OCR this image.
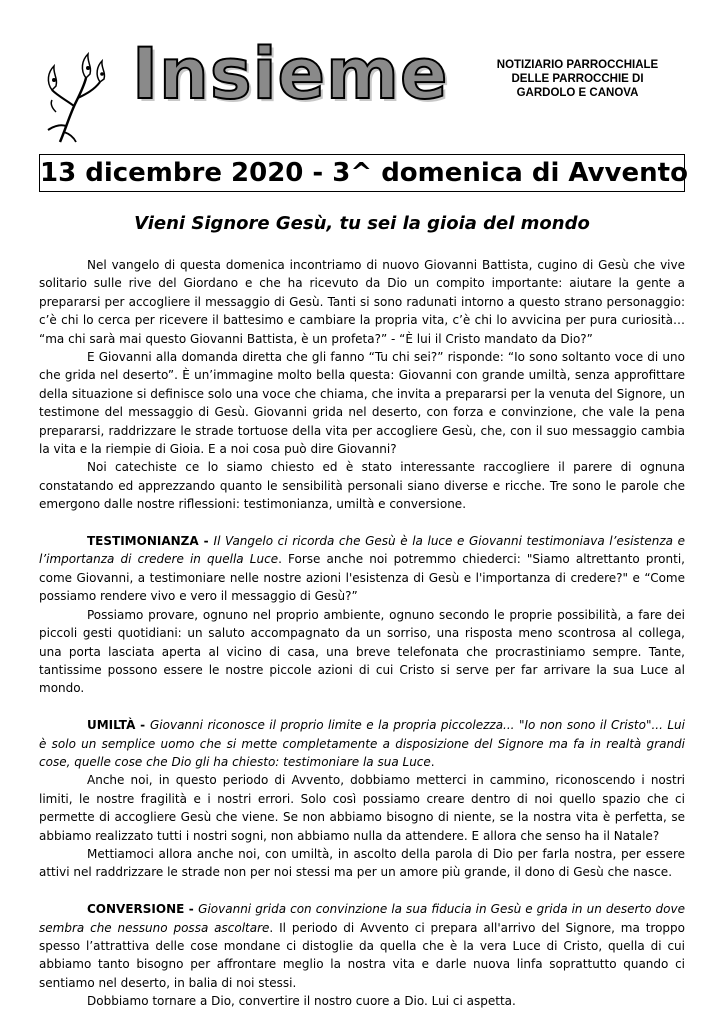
Insieme	NOTIZIARIO PARROCCHIALE
DELLE PARROCCHIE DI
GARDOLO E CANOVA
13 dicembre 2020 - 3^ domenica di Avvento
Vieni Signore Gesù, tu sei la gioia del mondo

Nel vangelo di questa domenica incontriamo di nuovo Giovanni Battista, cugino di Gesù che vive solitario sulle rive del Giordano e che ha ricevuto da Dio un compito importante: aiutare la gente a prepararsi per accogliere il messaggio di Gesù. Tanti si sono radunati intorno a questo strano personaggio: c’è chi lo cerca per ricevere il battesimo e cambiare la propria vita, c’è chi lo avvicina per pura curiosità… “ma chi sarà mai questo Giovanni Battista, è un profeta?” - “È lui il Cristo mandato da Dio?”

E Giovanni alla domanda diretta che gli fanno “Tu chi sei?” risponde: “Io sono soltanto voce di uno che grida nel deserto”. È un’immagine molto bella questa: Giovanni con grande umiltà, senza approfittare della situazione si definisce solo una voce che chiama, che invita a prepararsi per la venuta del Signore, un testimone del messaggio di Gesù. Giovanni grida nel deserto, con forza e convinzione, che vale la pena prepararsi, raddrizzare le strade tortuose della vita per accogliere Gesù, che, con il suo messaggio cambia la vita e la riempie di Gioia. E a noi cosa può dire Giovanni?

Noi catechiste ce lo siamo chiesto ed è stato interessante raccogliere il parere di ognuna constatando ed apprezzando quanto le sensibilità personali siano diverse e ricche. Tre sono le parole che emergono dalle nostre riflessioni: testimonianza, umiltà e conversione.

TESTIMONIANZA - Il Vangelo ci ricorda che Gesù è la luce e Giovanni testimoniava l’esistenza e l’importanza di credere in quella Luce. Forse anche noi potremmo chiederci: "Siamo altrettanto pronti, come Giovanni, a testimoniare nelle nostre azioni l'esistenza di Gesù e l'importanza di credere?" e “Come possiamo rendere vivo e vero il messaggio di Gesù?”

Possiamo provare, ognuno nel proprio ambiente, ognuno secondo le proprie possibilità, a fare dei piccoli gesti quotidiani: un saluto accompagnato da un sorriso, una risposta meno scontrosa al collega, una porta lasciata aperta al vicino di casa, una breve telefonata che procrastiniamo sempre. Tante, tantissime possono essere le nostre piccole azioni di cui Cristo si serve per far arrivare la sua Luce al mondo.

UMILTÀ - Giovanni riconosce il proprio limite e la propria piccolezza... "Io non sono il Cristo"... Lui è solo un semplice uomo che si mette completamente a disposizione del Signore ma fa in realtà grandi cose, quelle cose che Dio gli ha chiesto: testimoniare la sua Luce.

Anche noi, in questo periodo di Avvento, dobbiamo metterci in cammino, riconoscendo i nostri limiti, le nostre fragilità e i nostri errori. Solo così possiamo creare dentro di noi quello spazio che ci permette di accogliere Gesù che viene. Se non abbiamo bisogno di niente, se la nostra vita è perfetta, se abbiamo realizzato tutti i nostri sogni, non abbiamo nulla da attendere. E allora che senso ha il Natale?

Mettiamoci allora anche noi, con umiltà, in ascolto della parola di Dio per farla nostra, per essere attivi nel raddrizzare le strade non per noi stessi ma per un amore più grande, il dono di Gesù che nasce.

CONVERSIONE - Giovanni grida con convinzione la sua fiducia in Gesù e grida in un deserto dove sembra che nessuno possa ascoltare. Il periodo di Avvento ci prepara all'arrivo del Signore, ma troppo spesso l’attrattiva delle cose mondane ci distoglie da quella che è la vera Luce di Cristo, quella di cui abbiamo tanto bisogno per affrontare meglio la nostra vita e darle nuova linfa soprattutto quando ci sentiamo nel deserto, in balia di noi stessi.

Dobbiamo tornare a Dio, convertire il nostro cuore a Dio. Lui ci aspetta.
